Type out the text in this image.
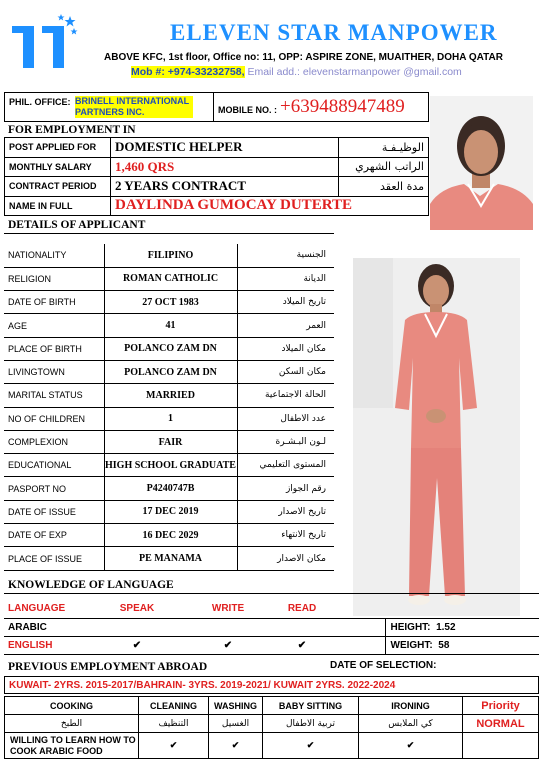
ELEVEN STAR MANPOWER
ABOVE KFC, 1st floor, Office no: 11, OPP: ASPIRE ZONE, MUAITHER, DOHA QATAR
Mob #: +974-33232758, Email add.: elevenstarmanpower @gmail.com
PHIL. OFFICE: BRINELL INTERNATIONAL PARTNERS INC.	MOBILE NO. : +639488947489
FOR EMPLOYMENT IN
POST APPLIED FOR	DOMESTIC HELPER	الوظيـفـة
MONTHLY SALARY	1,460 QRS	الراتب الشهري
CONTRACT PERIOD	2 YEARS CONTRACT	مدة العقد
NAME IN FULL	DAYLINDA GUMOCAY DUTERTE	
DETAILS OF APPLICANT
NATIONALITY	FILIPINO	الجنسية
RELIGION	ROMAN CATHOLIC	الديانة
DATE OF BIRTH	27 OCT 1983	تاريخ الميلاد
AGE	41	العمر
PLACE OF BIRTH	POLANCO ZAM DN	مكان الميلاد
LIVINGTOWN	POLANCO ZAM DN	مكان السكن
MARITAL STATUS	MARRIED	الحالة الاجتماعية
NO OF CHILDREN	1	عدد الاطفال
COMPLEXION	FAIR	لـون البـشـرة
EDUCATIONAL	HIGH SCHOOL GRADUATE	المستوى التعليمي
PASPORT NO	P4240747B	رقم الجواز
DATE OF ISSUE	17 DEC 2019	تاريخ الاصدار
DATE OF EXP	16 DEC 2029	تاريخ الانتهاء
PLACE OF ISSUE	PE MANAMA	مكان الاصدار
KNOWLEDGE OF LANGUAGE
LANGUAGE	SPEAK	WRITE	READ		
ARABIC					HEIGHT: 1.52
ENGLISH	✔	✔	✔		WEIGHT: 58
PREVIOUS EMPLOYMENT ABROAD	DATE OF SELECTION:
KUWAIT- 2YRS. 2015-2017/BAHRAIN- 3YRS. 2019-2021/ KUWAIT 2YRS. 2022-2024
COOKING	CLEANING	WASHING	BABY SITTING	IRONING	Priority
الطبخ	التنظيف	الغسيل	تربية الاطفال	كي الملابس	NORMAL
WILLING TO LEARN HOW TO COOK ARABIC FOOD	✔	✔	✔	✔	
